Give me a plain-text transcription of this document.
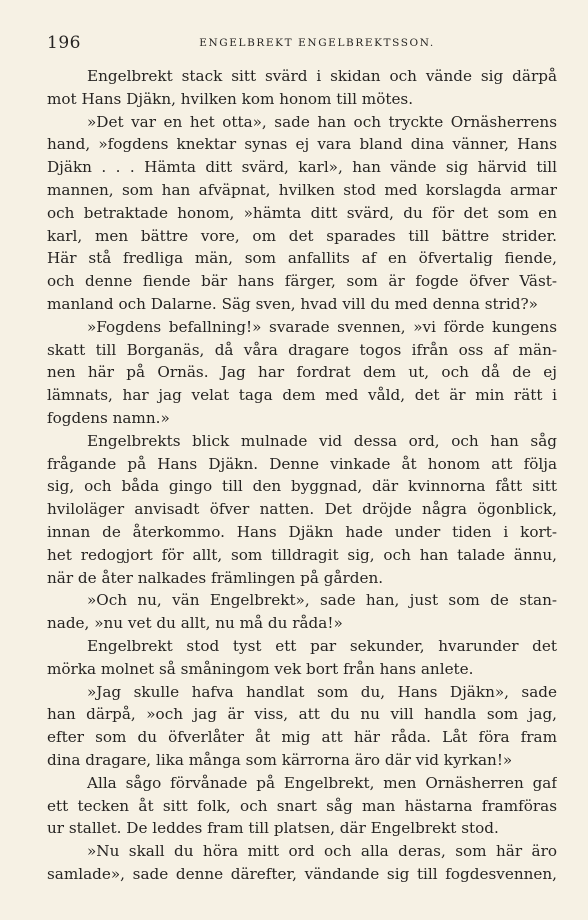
196	ENGELBREKT ENGELBREKTSSON.
Engelbrekt stack sitt svärd i skidan och vände sig därpå
mot Hans Djäkn, hvilken kom honom till mötes.
»Det var en het otta», sade han och tryckte Ornäsherrens
hand, »fogdens knektar synas ej vara bland dina vänner, Hans
Djäkn . . . Hämta ditt svärd, karl», han vände sig härvid till
mannen, som han afväpnat, hvilken stod med korslagda armar
och betraktade honom, »hämta ditt svärd, du för det som en
karl, men bättre vore, om det sparades till bättre strider.
Här stå fredliga män, som anfallits af en öfvertalig fiende,
och denne fiende bär hans färger, som är fogde öfver Väst-
manland och Dalarne. Säg sven, hvad vill du med denna strid?»
»Fogdens befallning!» svarade svennen, »vi förde kungens
skatt till Borganäs, då våra dragare togos ifrån oss af män-
nen här på Ornäs. Jag har fordrat dem ut, och då de ej
lämnats, har jag velat taga dem med våld, det är min rätt i
fogdens namn.»
Engelbrekts blick mulnade vid dessa ord, och han såg
frågande på Hans Djäkn. Denne vinkade åt honom att följa
sig, och båda gingo till den byggnad, där kvinnorna fått sitt
hviloläger anvisadt öfver natten. Det dröjde några ögonblick,
innan de återkommo. Hans Djäkn hade under tiden i kort-
het redogjort för allt, som tilldragit sig, och han talade ännu,
när de åter nalkades främlingen på gården.
»Och nu, vän Engelbrekt», sade han, just som de stan-
nade, »nu vet du allt, nu må du råda!»
Engelbrekt stod tyst ett par sekunder, hvarunder det
mörka molnet så småningom vek bort från hans anlete.
»Jag skulle hafva handlat som du, Hans Djäkn», sade
han därpå, »och jag är viss, att du nu vill handla som jag,
efter som du öfverlåter åt mig att här råda. Låt föra fram
dina dragare, lika många som kärrorna äro där vid kyrkan!»
Alla sågo förvånade på Engelbrekt, men Ornäsherren gaf
ett tecken åt sitt folk, och snart såg man hästarna framföras
ur stallet. De leddes fram till platsen, där Engelbrekt stod.
»Nu skall du höra mitt ord och alla deras, som här äro
samlade», sade denne därefter, vändande sig till fogdesvennen,
